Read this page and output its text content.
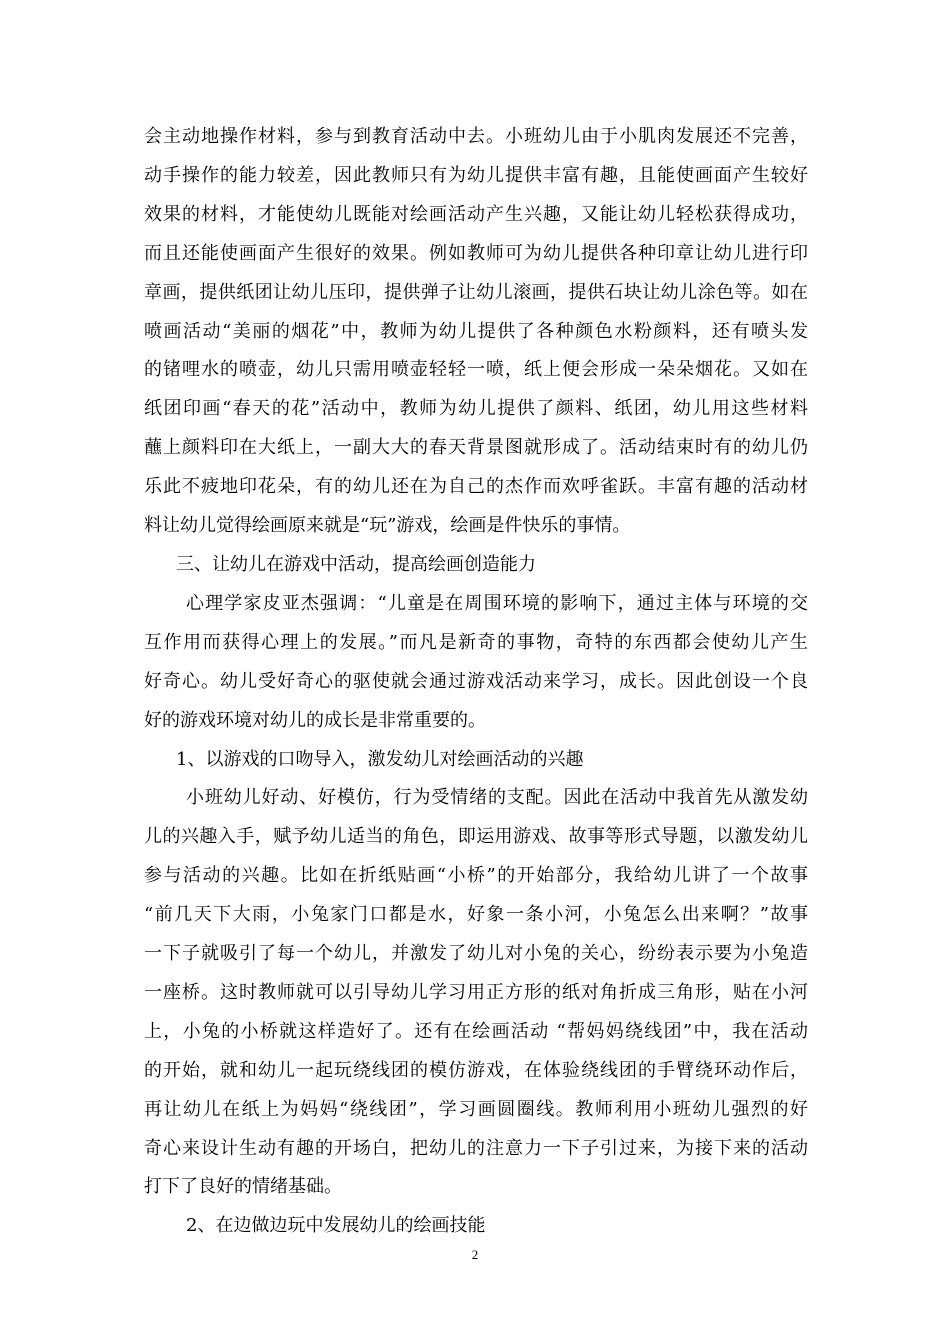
会主动地操作材料，参与到教育活动中去。小班幼儿由于小肌肉发展还不完善，
动手操作的能力较差，因此教师只有为幼儿提供丰富有趣，且能使画面产生较好
效果的材料，才能使幼儿既能对绘画活动产生兴趣，又能让幼儿轻松获得成功，
而且还能使画面产生很好的效果。例如教师可为幼儿提供各种印章让幼儿进行印
章画，提供纸团让幼儿压印，提供弹子让幼儿滚画，提供石块让幼儿涂色等。如在
喷画活动“美丽的烟花”中，教师为幼儿提供了各种颜色水粉颜料，还有喷头发
的锗哩水的喷壶，幼儿只需用喷壶轻轻一喷，纸上便会形成一朵朵烟花。又如在
纸团印画“春天的花”活动中，教师为幼儿提供了颜料、纸团，幼儿用这些材料
蘸上颜料印在大纸上，一副大大的春天背景图就形成了。活动结束时有的幼儿仍
乐此不疲地印花朵，有的幼儿还在为自己的杰作而欢呼雀跃。丰富有趣的活动材
料让幼儿觉得绘画原来就是“玩”游戏，绘画是件快乐的事情。
三、让幼儿在游戏中活动，提高绘画创造能力
心理学家皮亚杰强调：“儿童是在周围环境的影响下，通过主体与环境的交
互作用而获得心理上的发展。”而凡是新奇的事物，奇特的东西都会使幼儿产生
好奇心。幼儿受好奇心的驱使就会通过游戏活动来学习，成长。因此创设一个良
好的游戏环境对幼儿的成长是非常重要的。
1、以游戏的口吻导入，激发幼儿对绘画活动的兴趣
小班幼儿好动、好模仿，行为受情绪的支配。因此在活动中我首先从激发幼
儿的兴趣入手，赋予幼儿适当的角色，即运用游戏、故事等形式导题，以激发幼儿
参与活动的兴趣。比如在折纸贴画“小桥”的开始部分，我给幼儿讲了一个故事
“前几天下大雨，小兔家门口都是水，好象一条小河，小兔怎么出来啊？”故事
一下子就吸引了每一个幼儿，并激发了幼儿对小兔的关心，纷纷表示要为小兔造
一座桥。这时教师就可以引导幼儿学习用正方形的纸对角折成三角形，贴在小河
上，小兔的小桥就这样造好了。还有在绘画活动 “帮妈妈绕线团”中，我在活动
的开始，就和幼儿一起玩绕线团的模仿游戏，在体验绕线团的手臂绕环动作后，
再让幼儿在纸上为妈妈“绕线团”，学习画圆圈线。教师利用小班幼儿强烈的好
奇心来设计生动有趣的开场白，把幼儿的注意力一下子引过来，为接下来的活动
打下了良好的情绪基础。
2、在边做边玩中发展幼儿的绘画技能
2
